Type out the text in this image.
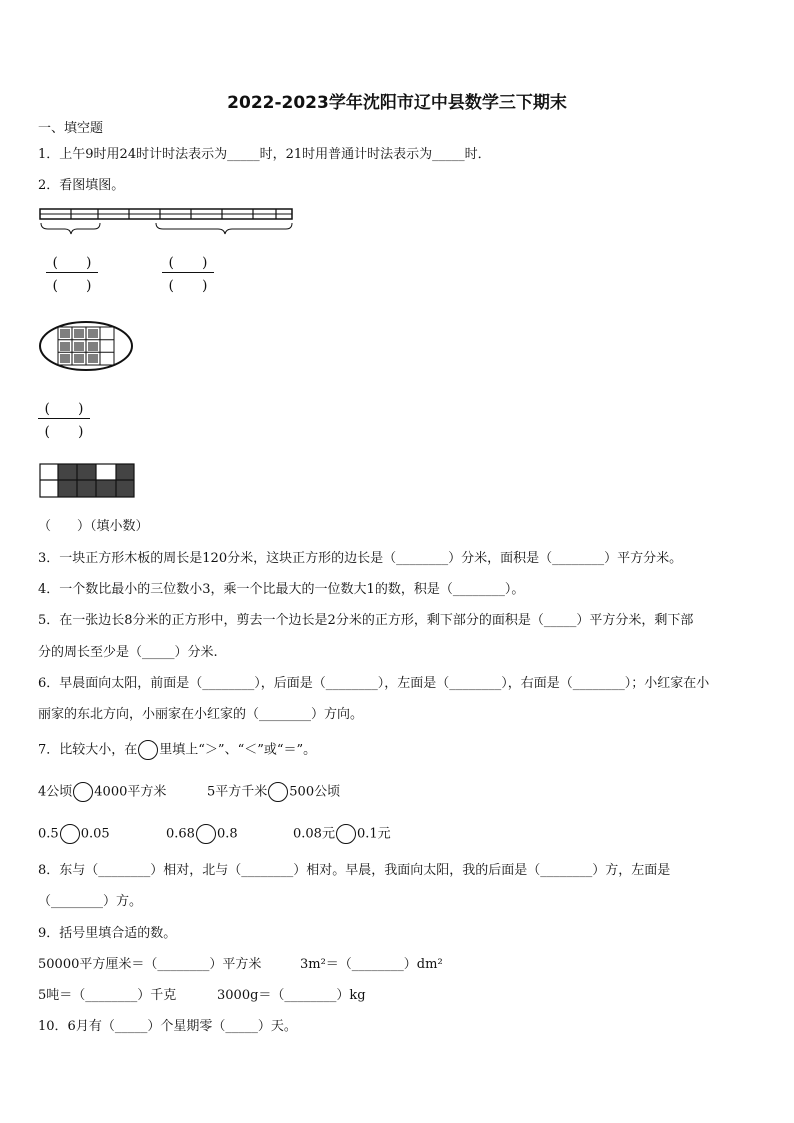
2022-2023学年沈阳市辽中县数学三下期末
一、填空题
1．上午9时用24时计时法表示为_____时，21时用普通计时法表示为_____时．
2．看图填图。
(　　)
(　　)
(　　)
(　　)
(　　)
(　　)
（　　）（填小数）
3．一块正方形木板的周长是120分米，这块正方形的边长是（________）分米，面积是（________）平方分米。
4．一个数比最小的三位数小3，乘一个比最大的一位数大1的数，积是（________）。
5．在一张边长8分米的正方形中，剪去一个边长是2分米的正方形，剩下部分的面积是（_____）平方分米，剩下部
分的周长至少是（_____）分米.
6．早晨面向太阳，前面是（________），后面是（________），左面是（________），右面是（________）；小红家在小
丽家的东北方向，小丽家在小红家的（________）方向。
7．比较大小，在 里填上“＞”、“＜”或“＝”。
4公顷 4000平方米	5平方千米 500公顷
0.5 0.05	0.68 0.8	0.08元 0.1元
8．东与（________）相对，北与（________）相对。早晨，我面向太阳，我的后面是（________）方，左面是
（________）方。
9．括号里填合适的数。
50000平方厘米＝（________）平方米	3m²＝（________）dm²
5吨＝（________）千克	3000g＝（________）kg
10．6月有（_____）个星期零（_____）天。
